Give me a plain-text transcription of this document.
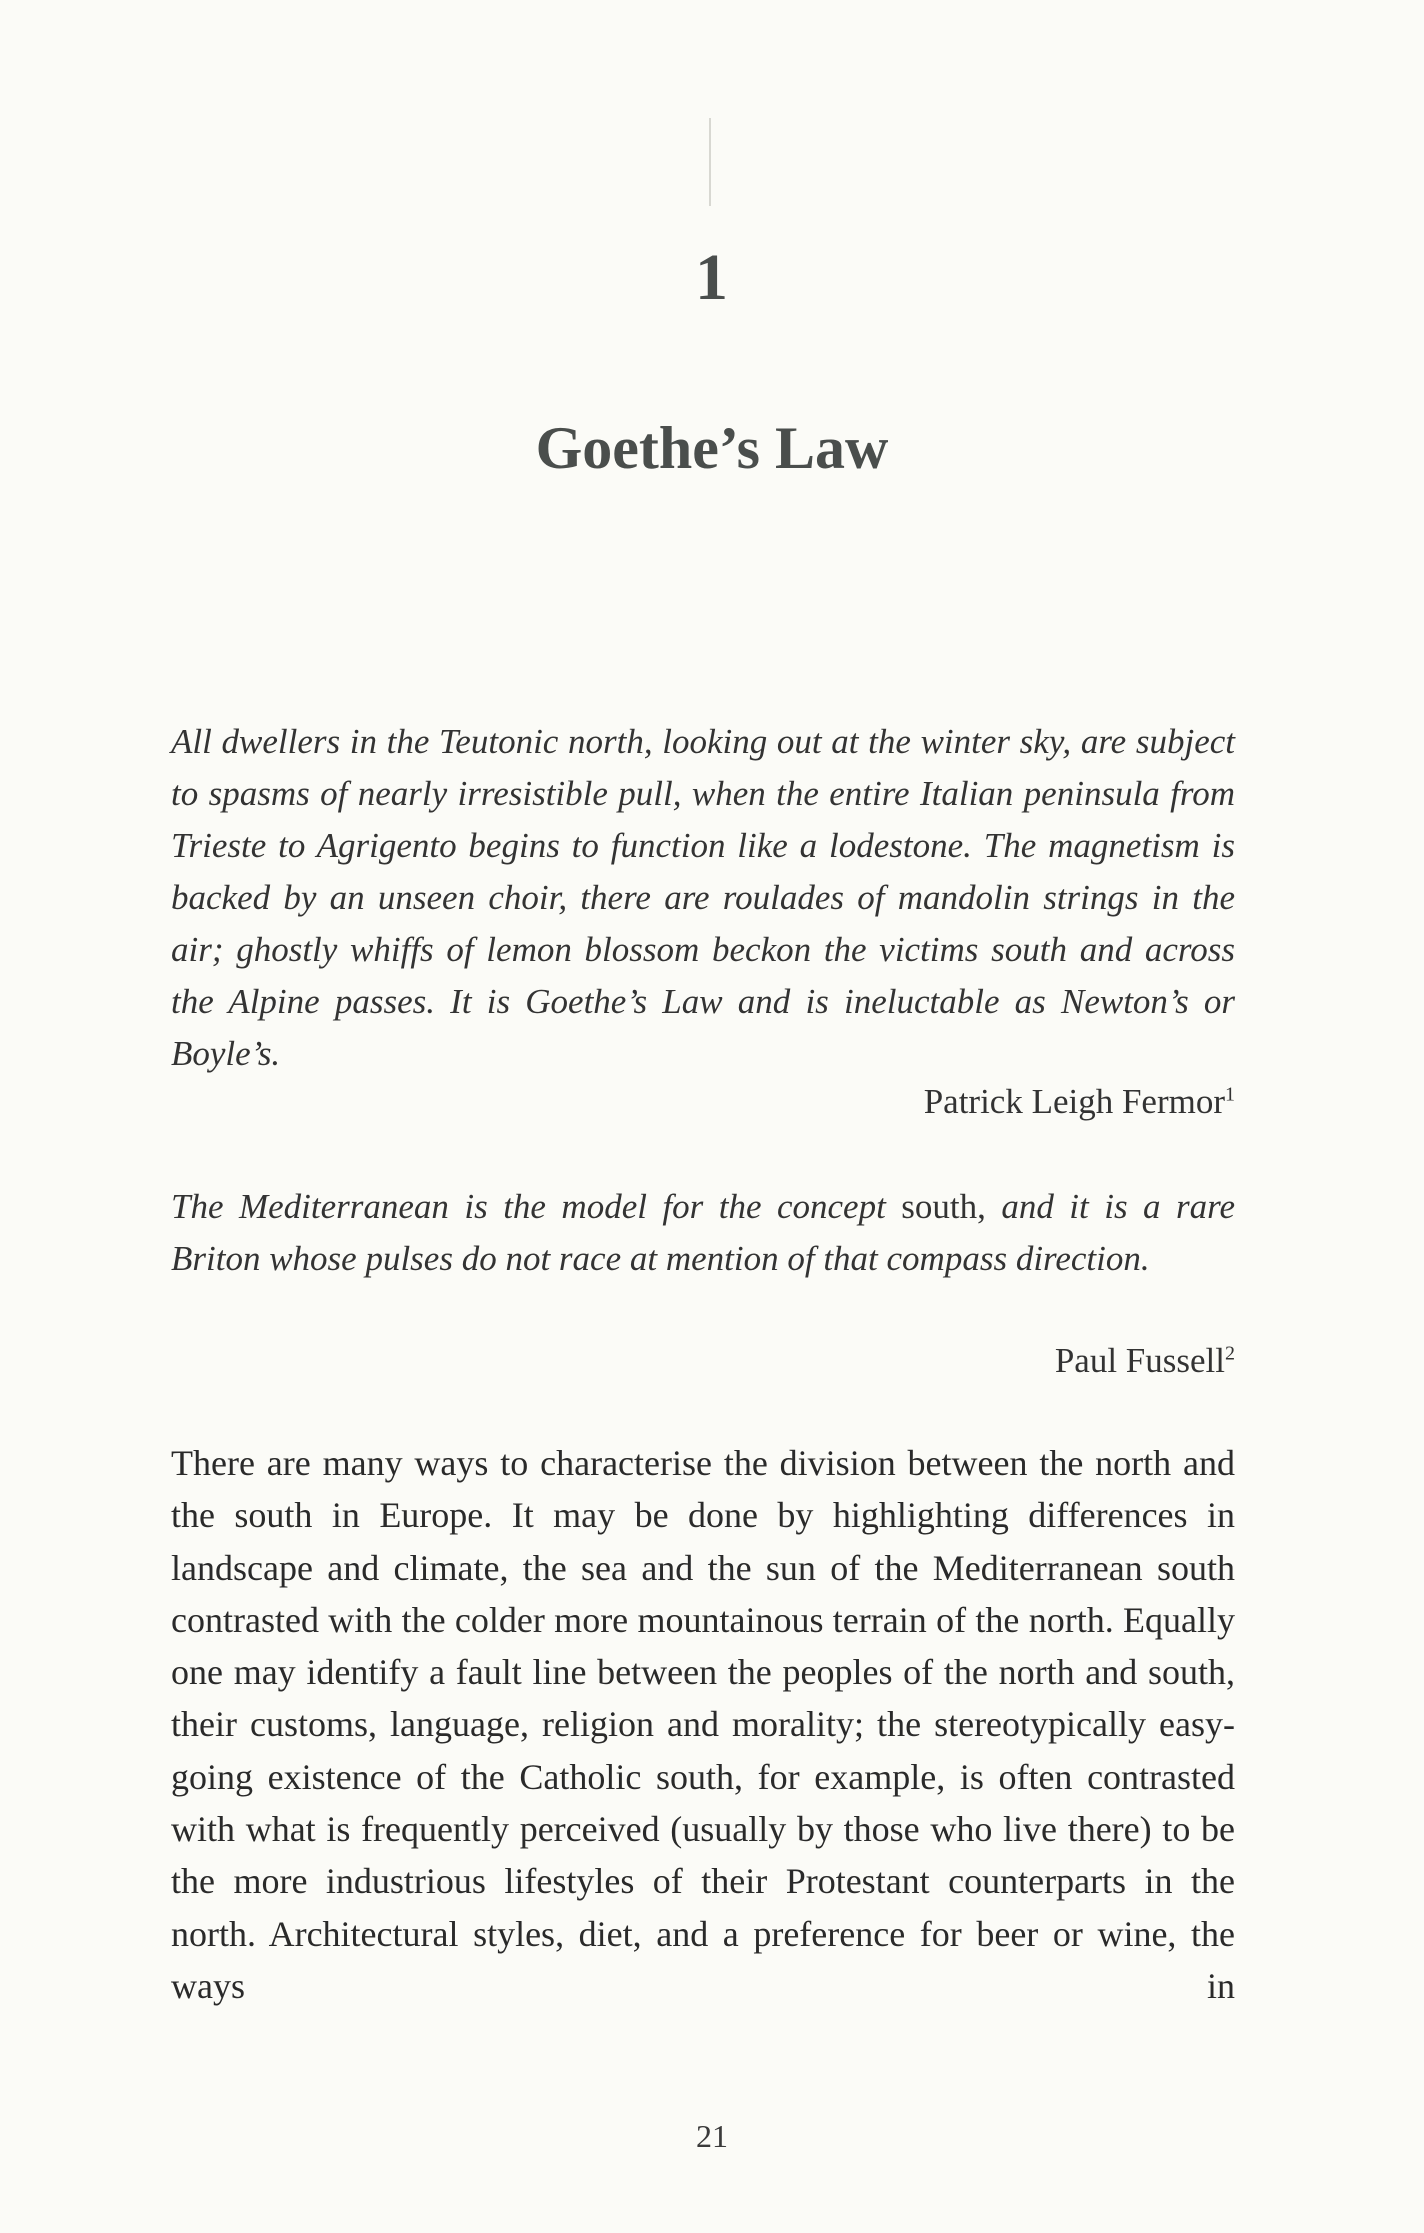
1
Goethe’s Law
All dwellers in the Teutonic north, looking out at the winter sky, are subject to spasms of nearly irresistible pull, when the entire Italian peninsula from Trieste to Agrigento begins to function like a lodestone. The magnetism is backed by an unseen choir, there are roulades of mandolin strings in the air; ghostly whiffs of lemon blossom beckon the victims south and across the Alpine passes. It is Goethe’s Law and is ineluctable as Newton’s or Boyle’s.
Patrick Leigh Fermor$^1$
The Mediterranean is the model for the concept south, and it is a rare Briton whose pulses do not race at mention of that compass direction.
Paul Fussell$^2$
There are many ways to characterise the division between the north and the south in Europe. It may be done by highlighting differences in landscape and climate, the sea and the sun of the Mediterranean south contrasted with the colder more mountainous terrain of the north. Equally one may identify a fault line between the peoples of the north and south, their customs, language, religion and morality; the stereotypically easy-going existence of the Catholic south, for example, is often contrasted with what is frequently perceived (usually by those who live there) to be the more industrious lifestyles of their Protestant counterparts in the north. Architectural styles, diet, and a preference for beer or wine, the ways in
21
